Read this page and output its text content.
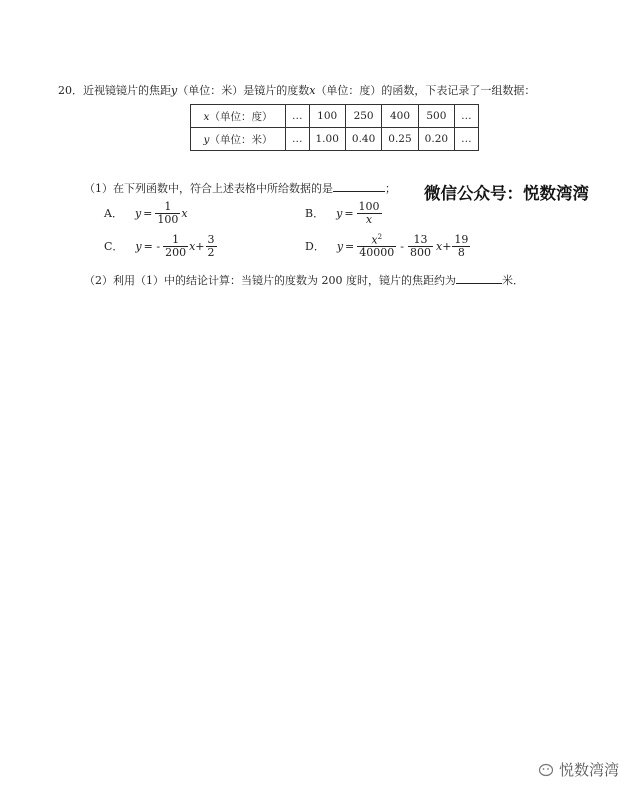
20．近视镜镜片的焦距y（单位：米）是镜片的度数x（单位：度）的函数，下表记录了一组数据：
x（单位：度）	…	100	250	400	500	…
y（单位：米）	…	1.00	0.40	0.25	0.20	…
（1）在下列函数中，符合上述表格中所给数据的是	； 微信公众号：悦数湾湾
A． $y = \frac{1}{100}$ x	B． $y = \frac{100}{x}$
C． y = - $\frac{1}{200}$ $x + \frac{3}{2}$	D． $y = \frac{x^2}{40000} - \frac{13}{800}$ $x + \frac{19}{8}$
（2）利用（1）中的结论计算：当镜片的度数为 200 度时，镜片的焦距约为	米．
悦数湾湾
